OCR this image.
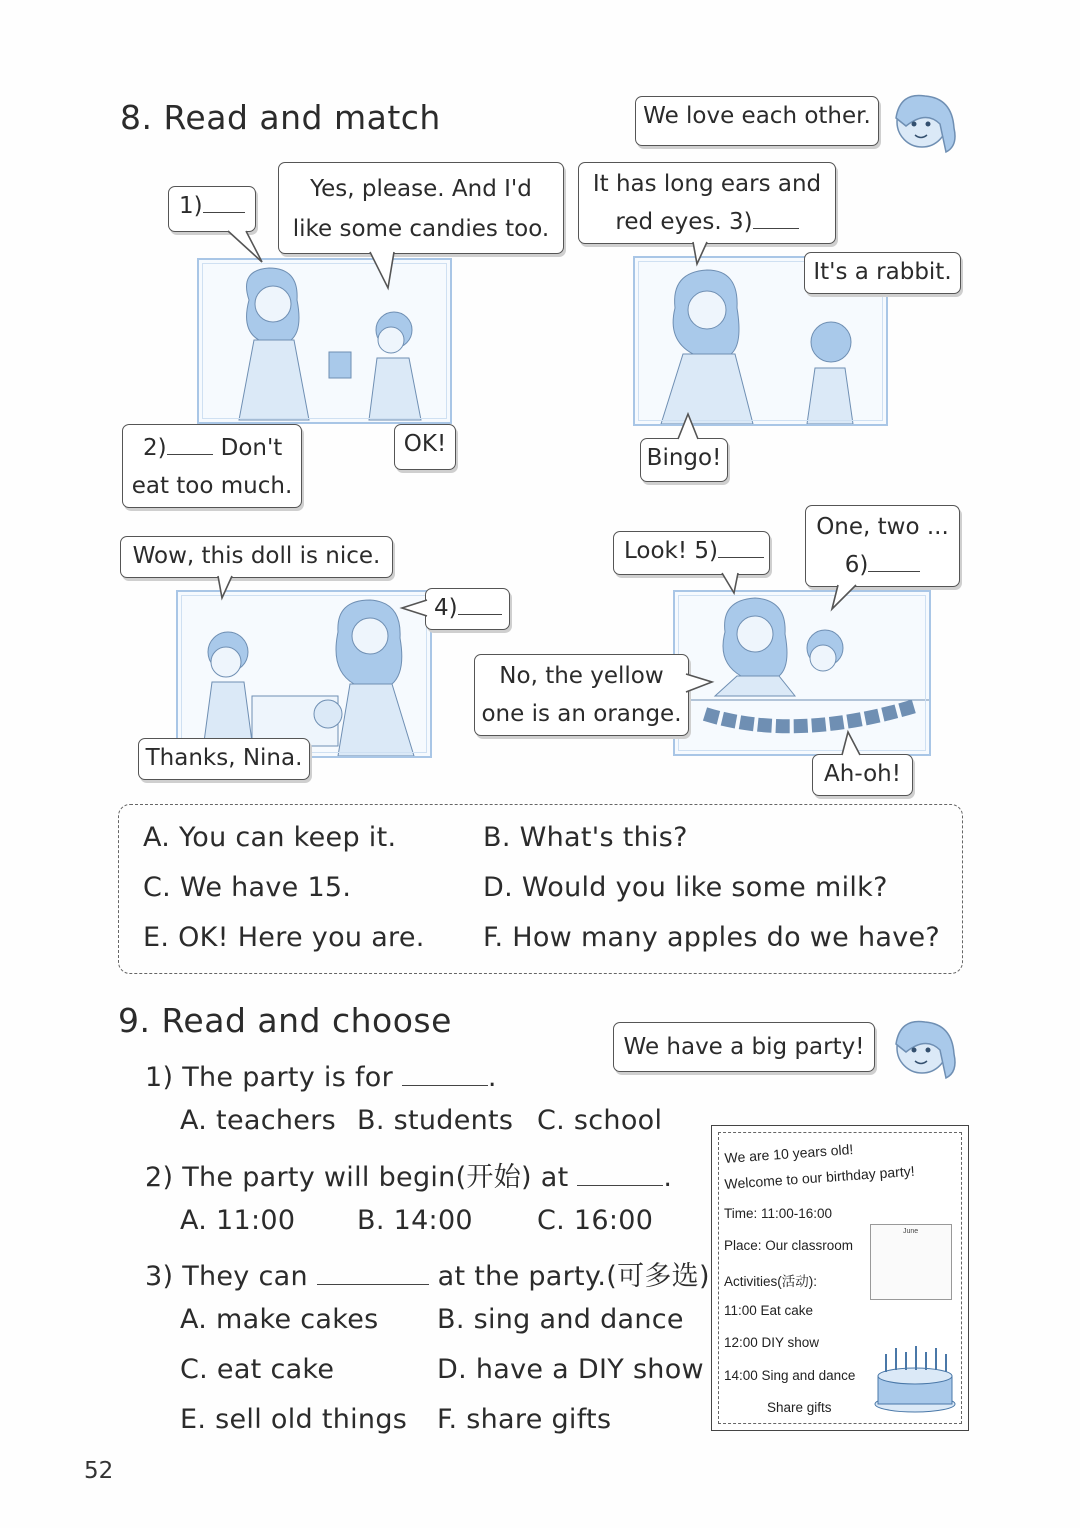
8. Read and match	We love each other.
1)
Yes, please. And I'd
like some candies too.
2) Don't
eat too much.
OK!
It has long ears and
red eyes. 3)
It's a rabbit.
Bingo!
Wow, this doll is nice.
4)
Thanks, Nina.
Look! 5)
One, two ...
6)
No, the yellow
one is an orange.
Ah-oh!
A. You can keep it.	B. What's this?
C. We have 15.	D. Would you like some milk?
E. OK! Here you are. F. How many apples do we have?
9. Read and choose
We have a big party!
1) The party is for	.
A. teachers B. students C. school
2) The party will begin(开始) at	.
A. 11:00 B. 14:00 C. 16:00
3) They can	at the party.(可多选)
A. make cakes B. sing and dance
C. eat cake	D. have a DIY show
E. sell old things F. share gifts
We are 10 years old!
Welcome to our birthday party!
Time: 11:00-16:00
Place: Our classroom
Activities(活动):
11:00 Eat cake
12:00 DIY show
14:00 Sing and dance
Share gifts
June
52
